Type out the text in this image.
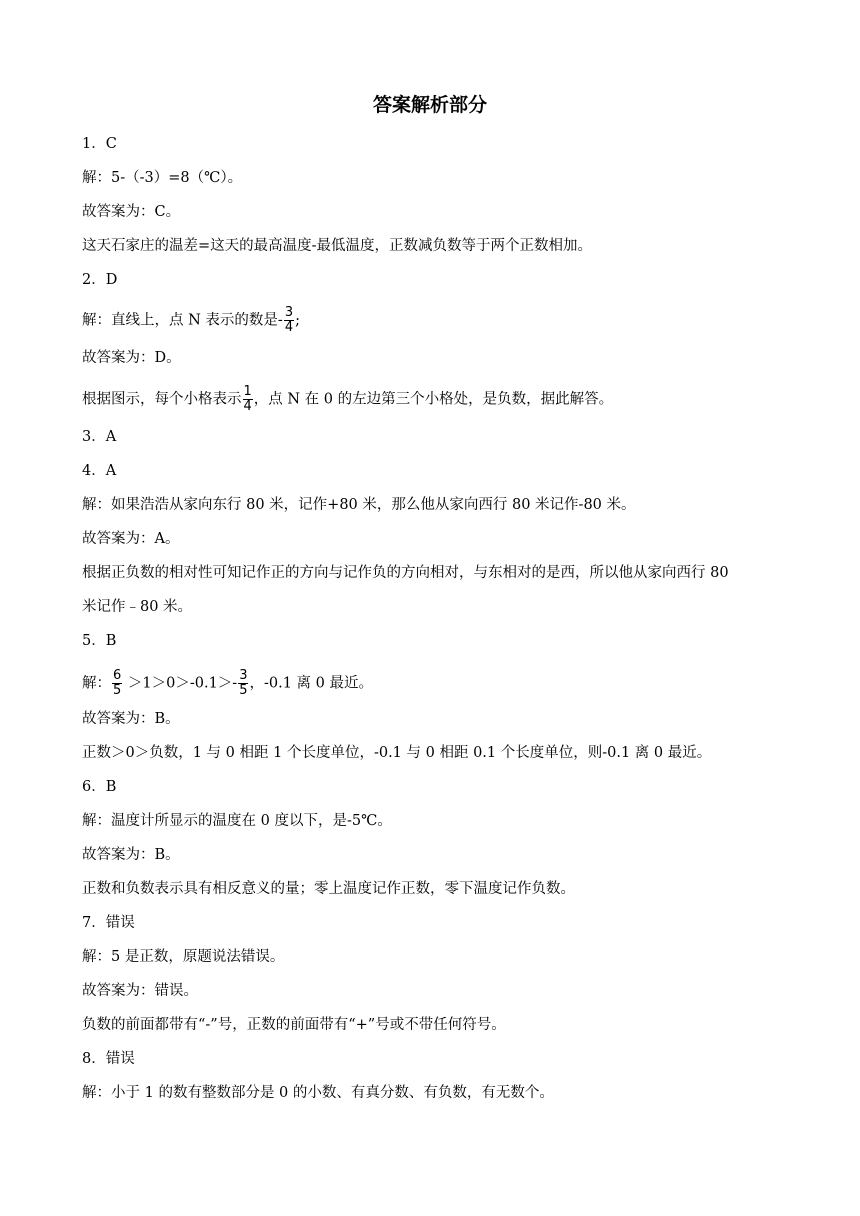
答案解析部分
1．C
解：5-（-3）=8（℃）。
故答案为：C。
这天石家庄的温差=这天的最高温度-最低温度，正数减负数等于两个正数相加。
2．D
解：直线上，点 N 表示的数是- $\frac{3}{4}$ ;
故答案为：D。
根据图示，每个小格表示 $\frac{1}{4}$ ，点 N 在 0 的左边第三个小格处，是负数，据此解答。
3．A
4．A
解：如果浩浩从家向东行 80 米，记作+80 米，那么他从家向西行 80 米记作-80 米。
故答案为：A。
根据正负数的相对性可知记作正的方向与记作负的方向相对，与东相对的是西，所以他从家向西行 80
米记作﹣80 米。
5．B
解： $\frac{6}{5} >1>0>-0.1>- \frac{3}{5}$ ，-0.1 离 0 最近。
故答案为：B。
正数＞0＞负数，1 与 0 相距 1 个长度单位，-0.1 与 0 相距 0.1 个长度单位，则-0.1 离 0 最近。
6．B
解：温度计所显示的温度在 0 度以下，是-5℃。
故答案为：B。
正数和负数表示具有相反意义的量；零上温度记作正数，零下温度记作负数。
7．错误
解：5 是正数，原题说法错误。
故答案为：错误。
负数的前面都带有“-”号，正数的前面带有“+”号或不带任何符号。
8．错误
解：小于 1 的数有整数部分是 0 的小数、有真分数、有负数，有无数个。
